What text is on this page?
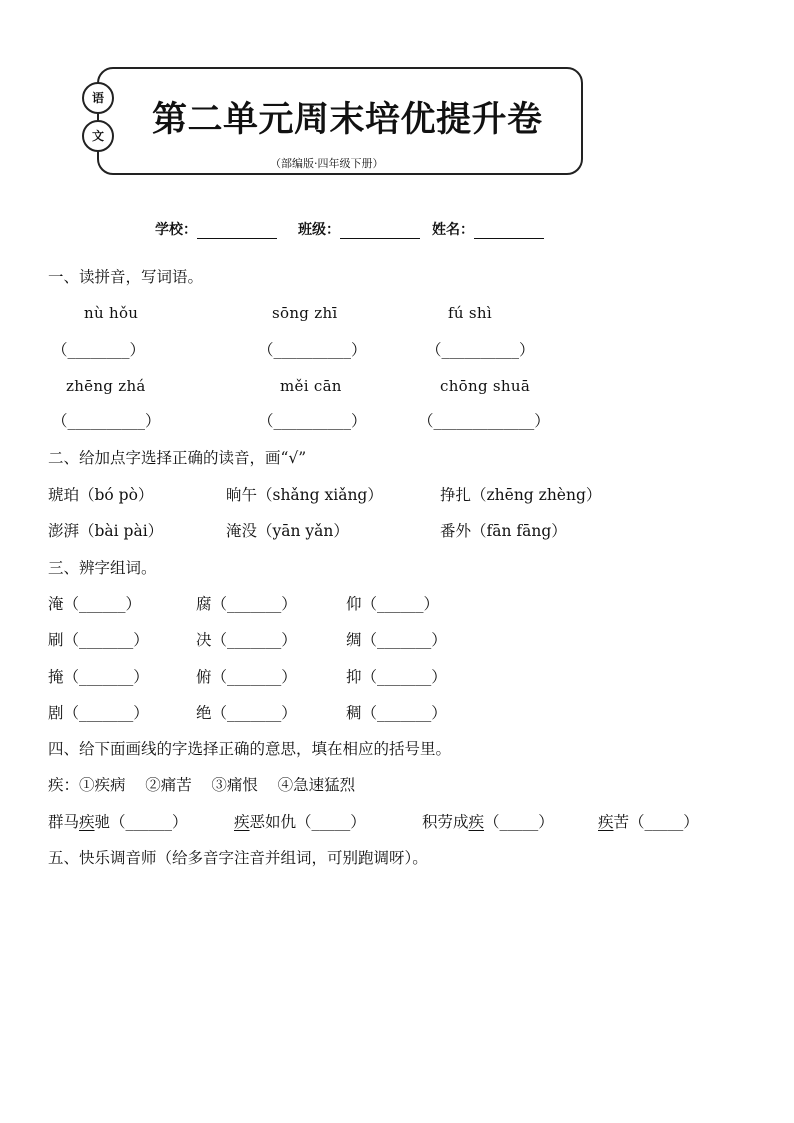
语
文 第二单元周末培优提升卷
（部编版·四年级下册）
学校：	班级：	姓名：
一、读拼音，写词语。
nù hǒu	sōng zhī	fú shì
（________）	（__________）	（__________）
zhēng zhá	měi cān	chōng shuā
（__________）	（__________）	（_____________）
二、给加点字选择正确的读音，画“√”
琥珀（bó pò）	晌午（shǎng xiǎng）	挣扎（zhēng zhèng）
澎湃（bài pài）	淹没（yān yǎn）	番外（fān fāng）
三、辨字组词。
淹（______）	腐（_______）	仰（______）
刷（_______）	决（_______）	绸（_______）
掩（_______）	俯（_______）	抑（_______）
剧（_______）	绝（_______）	稠（_______）
四、给下面画线的字选择正确的意思，填在相应的括号里。
疾：①疾病    ②痛苦    ③痛恨    ④急速猛烈
群马疾驰（______）	疾恶如仇（_____）	积劳成疾（_____）	疾苦（_____）
五、快乐调音师（给多音字注音并组词，可别跑调呀）。
